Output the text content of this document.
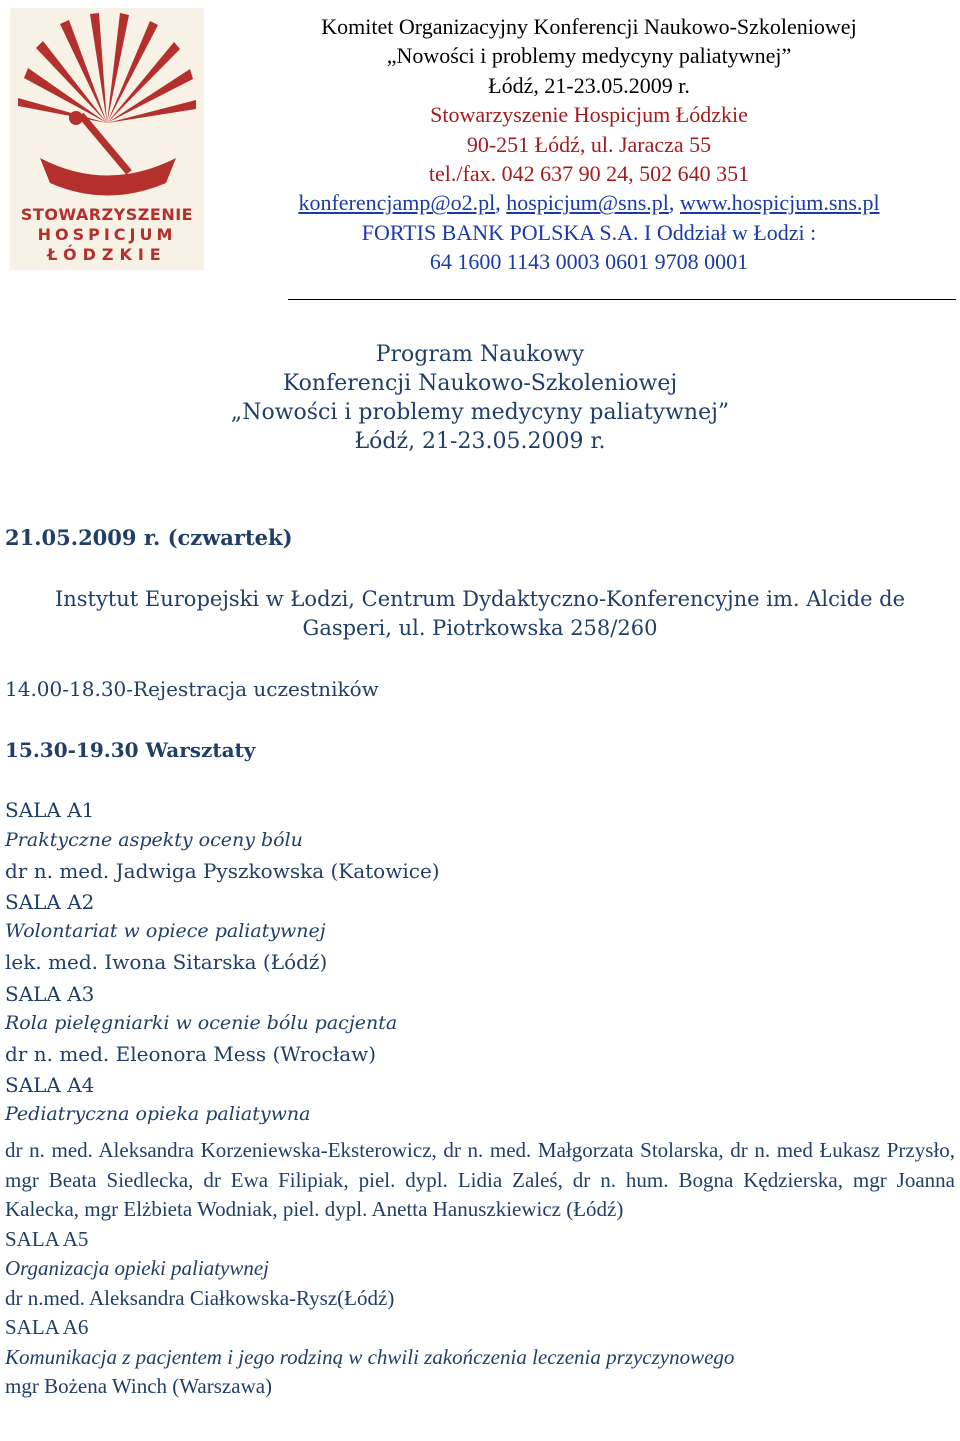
STOWARZYSZENIE
HOSPICJUM
ŁÓDZKIE
Komitet Organizacyjny Konferencji Naukowo-Szkoleniowej
„Nowości i problemy medycyny paliatywnej”
Łódź, 21-23.05.2009 r.
Stowarzyszenie Hospicjum Łódzkie
90-251 Łódź, ul. Jaracza 55
tel./fax. 042 637 90 24, 502 640 351
konferencjamp@o2.pl, hospicjum@sns.pl, www.hospicjum.sns.pl
FORTIS BANK POLSKA S.A. I Oddział w Łodzi :
64 1600 1143 0003 0601 9708 0001
Program Naukowy
Konferencji Naukowo-Szkoleniowej
„Nowości i problemy medycyny paliatywnej”
Łódź, 21-23.05.2009 r.
21.05.2009 r. (czwartek)
Instytut Europejski w Łodzi, Centrum Dydaktyczno-Konferencyjne im. Alcide de
Gasperi, ul. Piotrkowska 258/260
14.00-18.30-Rejestracja uczestników
15.30-19.30 Warsztaty
SALA A1
Praktyczne aspekty oceny bólu
dr n. med. Jadwiga Pyszkowska (Katowice)
SALA A2
Wolontariat w opiece paliatywnej
lek. med. Iwona Sitarska (Łódź)
SALA A3
Rola pielęgniarki w ocenie bólu pacjenta
dr n. med. Eleonora Mess (Wrocław)
SALA A4
Pediatryczna opieka paliatywna
dr n. med. Aleksandra Korzeniewska-Eksterowicz, dr n. med. Małgorzata Stolarska, dr n. med Łukasz Przysło, mgr Beata Siedlecka, dr Ewa Filipiak, piel. dypl. Lidia Zaleś, dr n. hum. Bogna Kędzierska, mgr Joanna Kalecka, mgr Elżbieta Wodniak, piel. dypl. Anetta Hanuszkiewicz (Łódź)
SALA A5
Organizacja opieki paliatywnej
dr n.med. Aleksandra Ciałkowska-Rysz(Łódź)
SALA A6
Komunikacja z pacjentem i jego rodziną w chwili zakończenia leczenia przyczynowego
mgr Bożena Winch (Warszawa)
